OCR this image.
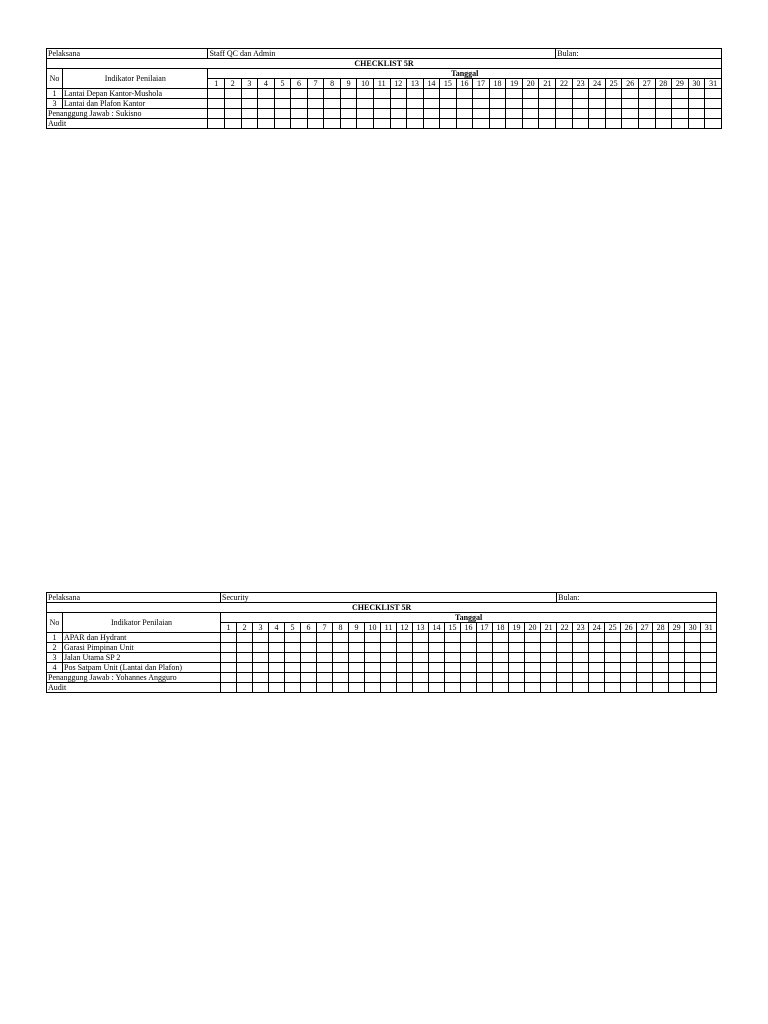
Pelaksana		Staff QC dan Admin																					Bulan:									
CHECKLIST 5R																																
No	Indikator Penilaian	Tanggal																														
		1	2	3	4	5	6	7	8	9	10	11	12	13	14	15	16	17	18	19	20	21	22	23	24	25	26	27	28	29	30	31
1	Lantai Depan Kantor-Mushola																															
3	Lantai dan Plafon Kantor																															
Penanggung Jawab : Sukisno																																
Audit																																
Pelaksana		Security																					Bulan:									
CHECKLIST 5R																																
No	Indikator Penilaian	Tanggal																														
		1	2	3	4	5	6	7	8	9	10	11	12	13	14	15	16	17	18	19	20	21	22	23	24	25	26	27	28	29	30	31
1	APAR dan Hydrant																															
2	Garasi Pimpinan Unit																															
3	Jalan Utama SP 2																															
4	Pos Satpam Unit (Lantai dan Plafon)																															
Penanggung Jawab : Yohannes Angguro																																
Audit																																
